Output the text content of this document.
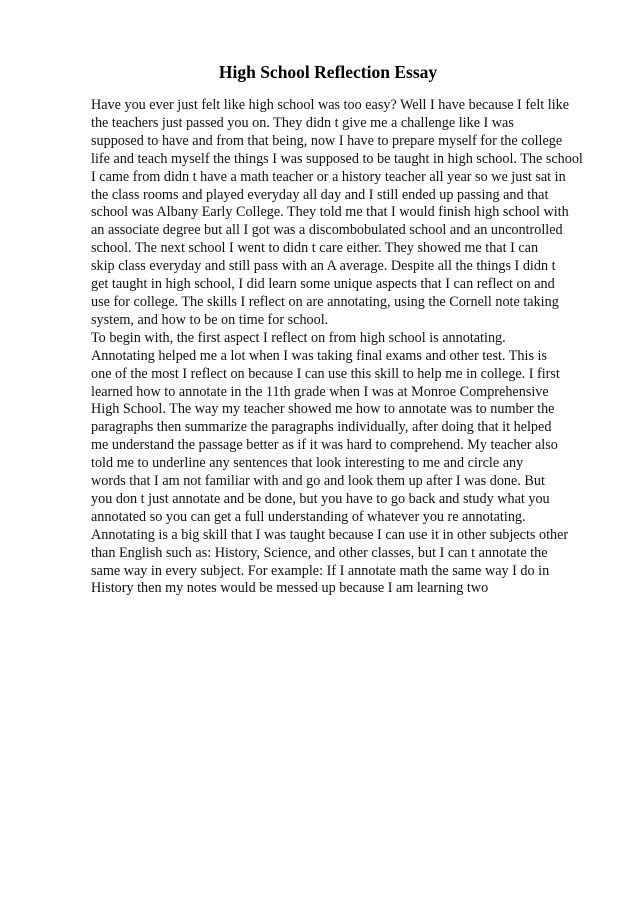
High School Reflection Essay
Have you ever just felt like high school was too easy? Well I have because I felt like
the teachers just passed you on. They didn t give me a challenge like I was
supposed to have and from that being, now I have to prepare myself for the college
life and teach myself the things I was supposed to be taught in high school. The school
I came from didn t have a math teacher or a history teacher all year so we just sat in
the class rooms and played everyday all day and I still ended up passing and that
school was Albany Early College. They told me that I would finish high school with
an associate degree but all I got was a discombobulated school and an uncontrolled
school. The next school I went to didn t care either. They showed me that I can
skip class everyday and still pass with an A average. Despite all the things I didn t
get taught in high school, I did learn some unique aspects that I can reflect on and
use for college. The skills I reflect on are annotating, using the Cornell note taking
system, and how to be on time for school.
To begin with, the first aspect I reflect on from high school is annotating.
Annotating helped me a lot when I was taking final exams and other test. This is
one of the most I reflect on because I can use this skill to help me in college. I first
learned how to annotate in the 11th grade when I was at Monroe Comprehensive
High School. The way my teacher showed me how to annotate was to number the
paragraphs then summarize the paragraphs individually, after doing that it helped
me understand the passage better as if it was hard to comprehend. My teacher also
told me to underline any sentences that look interesting to me and circle any
words that I am not familiar with and go and look them up after I was done. But
you don t just annotate and be done, but you have to go back and study what you
annotated so you can get a full understanding of whatever you re annotating.
Annotating is a big skill that I was taught because I can use it in other subjects other
than English such as: History, Science, and other classes, but I can t annotate the
same way in every subject. For example: If I annotate math the same way I do in
History then my notes would be messed up because I am learning two
